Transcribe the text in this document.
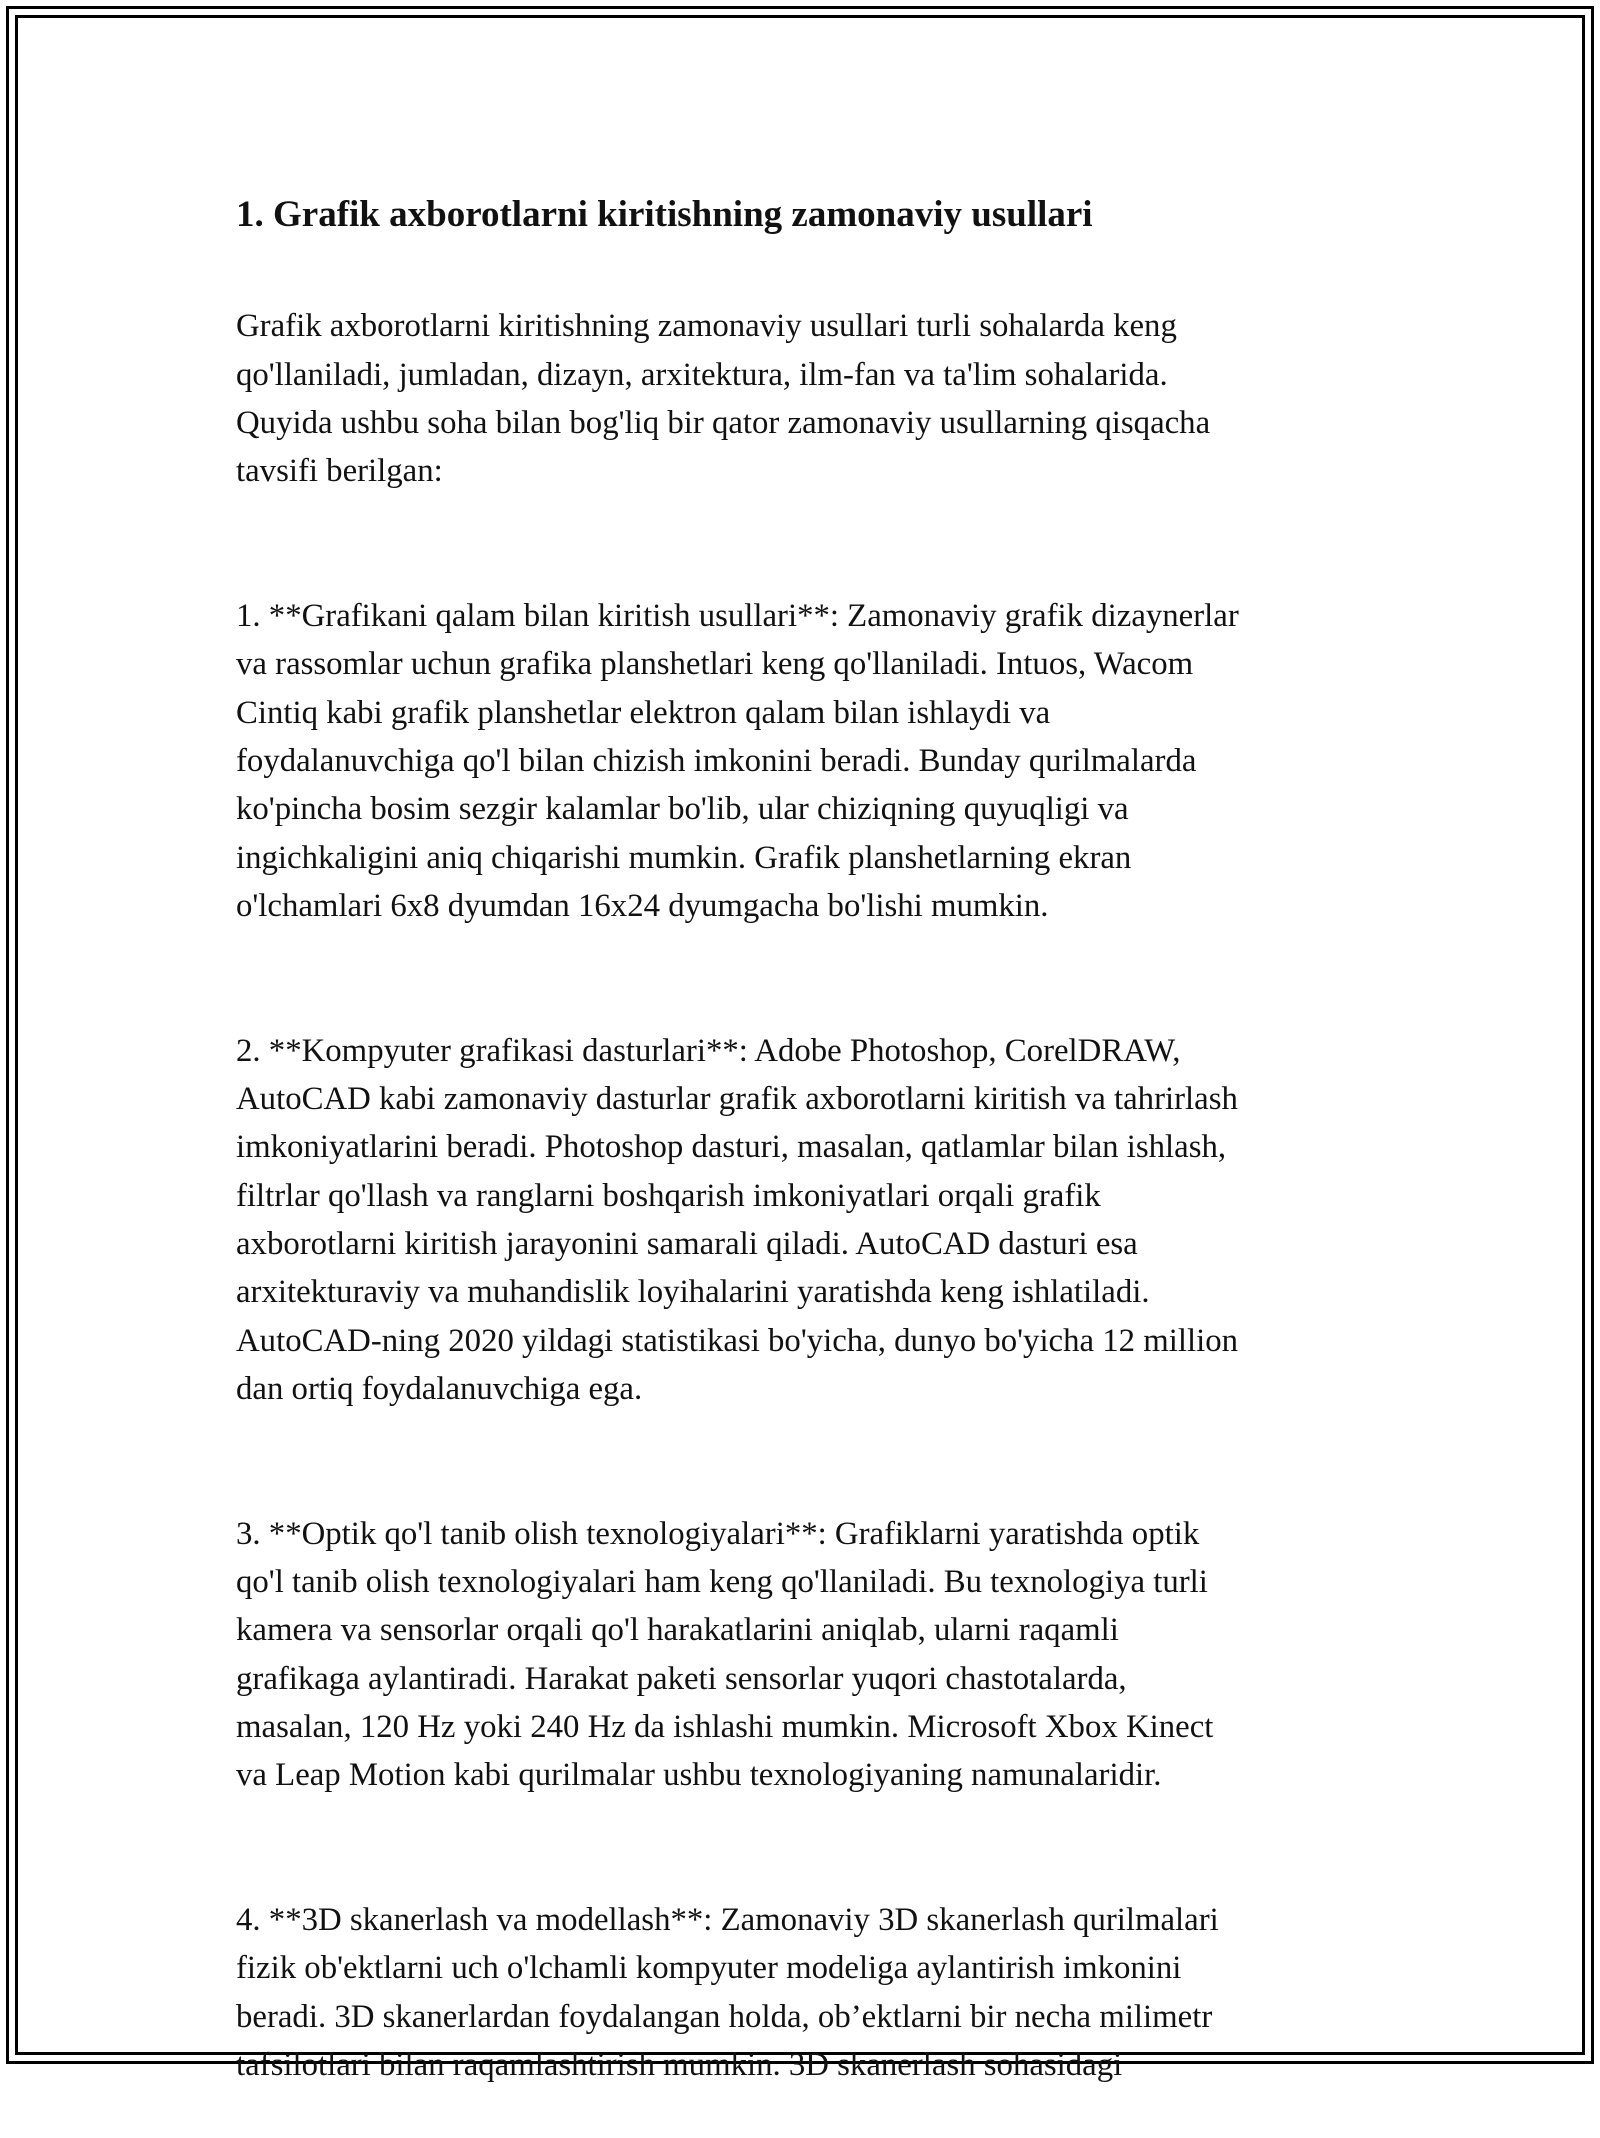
1. Grafik axborotlarni kiritishning zamonaviy usullari

Grafik axborotlarni kiritishning zamonaviy usullari turli sohalarda keng
qo'llaniladi, jumladan, dizayn, arxitektura, ilm-fan va ta'lim sohalarida.
Quyida ushbu soha bilan bog'liq bir qator zamonaviy usullarning qisqacha
tavsifi berilgan:

1. **Grafikani qalam bilan kiritish usullari**: Zamonaviy grafik dizaynerlar
va rassomlar uchun grafika planshetlari keng qo'llaniladi. Intuos, Wacom
Cintiq kabi grafik planshetlar elektron qalam bilan ishlaydi va
foydalanuvchiga qo'l bilan chizish imkonini beradi. Bunday qurilmalarda
ko'pincha bosim sezgir kalamlar bo'lib, ular chiziqning quyuqligi va
ingichkaligini aniq chiqarishi mumkin. Grafik planshetlarning ekran
o'lchamlari 6x8 dyumdan 16x24 dyumgacha bo'lishi mumkin.

2. **Kompyuter grafikasi dasturlari**: Adobe Photoshop, CorelDRAW,
AutoCAD kabi zamonaviy dasturlar grafik axborotlarni kiritish va tahrirlash
imkoniyatlarini beradi. Photoshop dasturi, masalan, qatlamlar bilan ishlash,
filtrlar qo'llash va ranglarni boshqarish imkoniyatlari orqali grafik
axborotlarni kiritish jarayonini samarali qiladi. AutoCAD dasturi esa
arxitekturaviy va muhandislik loyihalarini yaratishda keng ishlatiladi.
AutoCAD-ning 2020 yildagi statistikasi bo'yicha, dunyo bo'yicha 12 million
dan ortiq foydalanuvchiga ega.

3. **Optik qo'l tanib olish texnologiyalari**: Grafiklarni yaratishda optik
qo'l tanib olish texnologiyalari ham keng qo'llaniladi. Bu texnologiya turli
kamera va sensorlar orqali qo'l harakatlarini aniqlab, ularni raqamli
grafikaga aylantiradi. Harakat paketi sensorlar yuqori chastotalarda,
masalan, 120 Hz yoki 240 Hz da ishlashi mumkin. Microsoft Xbox Kinect
va Leap Motion kabi qurilmalar ushbu texnologiyaning namunalaridir.

4. **3D skanerlash va modellash**: Zamonaviy 3D skanerlash qurilmalari
fizik ob'ektlarni uch o'lchamli kompyuter modeliga aylantirish imkonini
beradi. 3D skanerlardan foydalangan holda, ob’ektlarni bir necha milimetr
tafsilotlari bilan raqamlashtirish mumkin. 3D skanerlash sohasidagi
